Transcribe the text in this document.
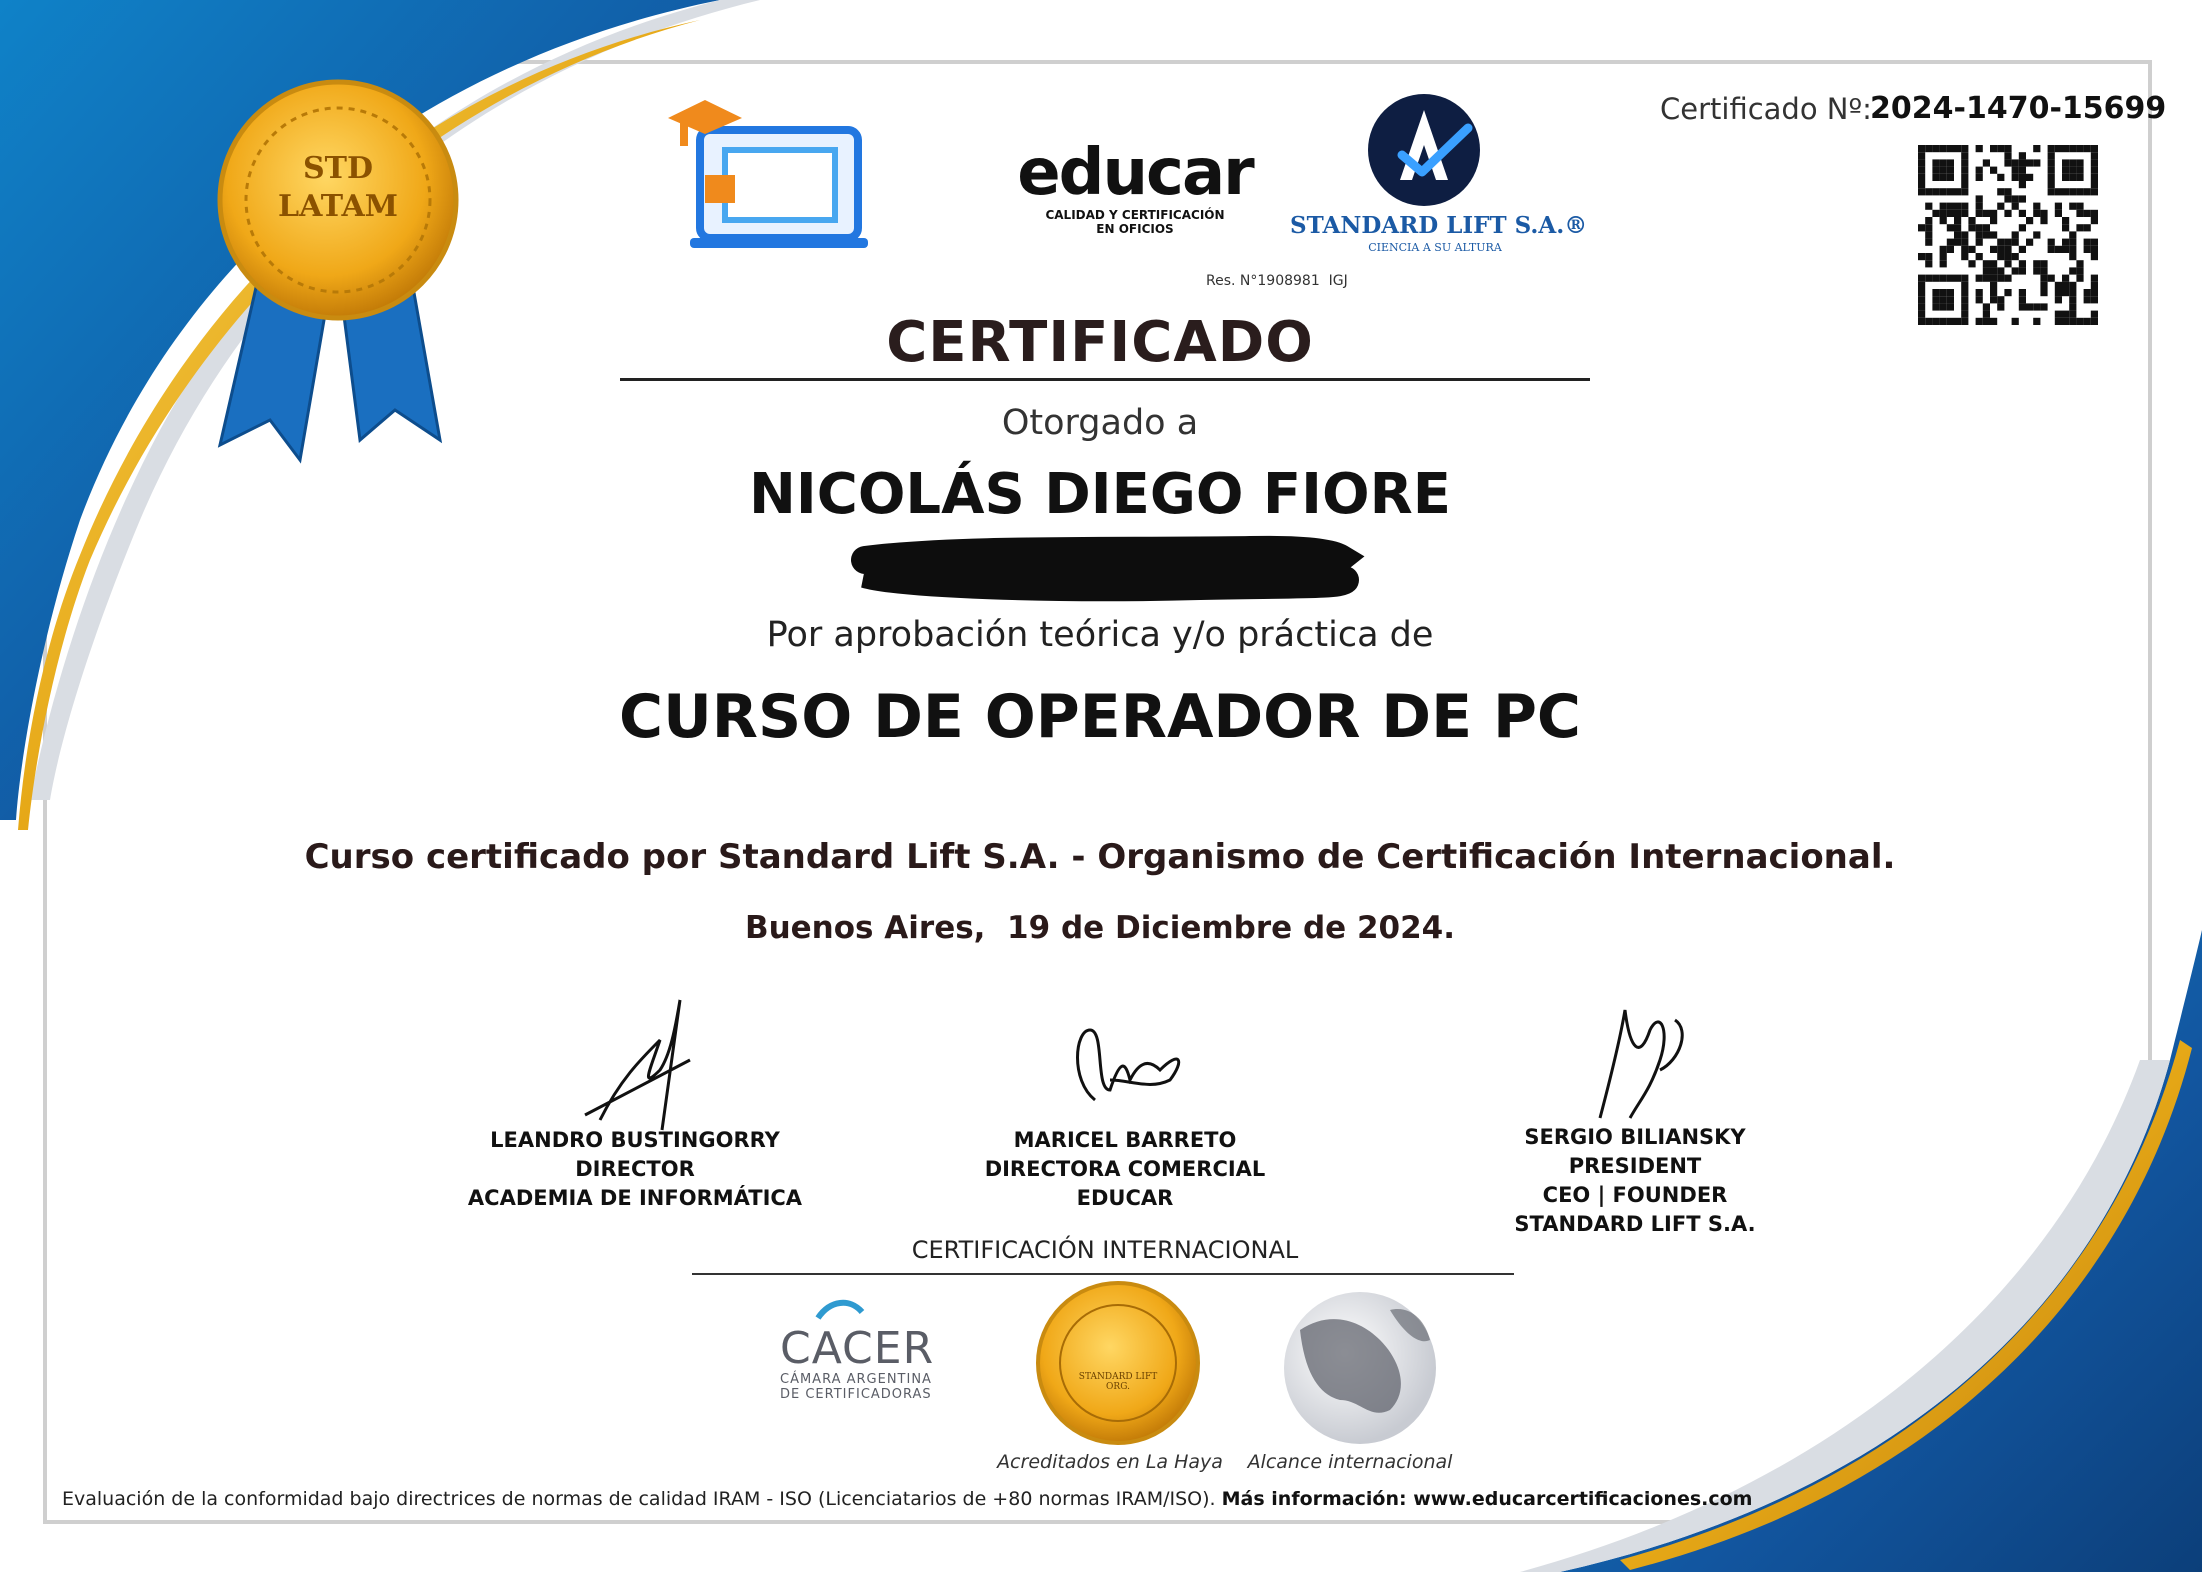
STD
LATAM	educar
CALIDAD Y CERTIFICACIÓN
EN OFICIOS	STANDARD LIFT S.A.®
CIENCIA A SU ALTURA
Res. N°1908981  IGJ
Certificado Nº:
2024-1470-15699
CERTIFICADO
Otorgado a
NICOLÁS DIEGO FIORE
Por aprobación teórica y/o práctica de
CURSO DE OPERADOR DE PC
Curso certificado por Standard Lift S.A. - Organismo de Certificación Internacional.
Buenos Aires,  19 de Diciembre de 2024.
LEANDRO BUSTINGORRY
DIRECTOR
ACADEMIA DE INFORMÁTICA
MARICEL BARRETO
DIRECTORA COMERCIAL
EDUCAR
SERGIO BILIANSKY
PRESIDENT
CEO | FOUNDER
STANDARD LIFT S.A.
CERTIFICACIÓN INTERNACIONAL
CACER
CÁMARA ARGENTINA
DE CERTIFICADORAS
STANDARD LIFT ORG.
Acreditados en La Haya	Alcance internacional
Evaluación de la conformidad bajo directrices de normas de calidad IRAM - ISO (Licenciatarios de +80 normas IRAM/ISO). Más información: www.educarcertificaciones.com
